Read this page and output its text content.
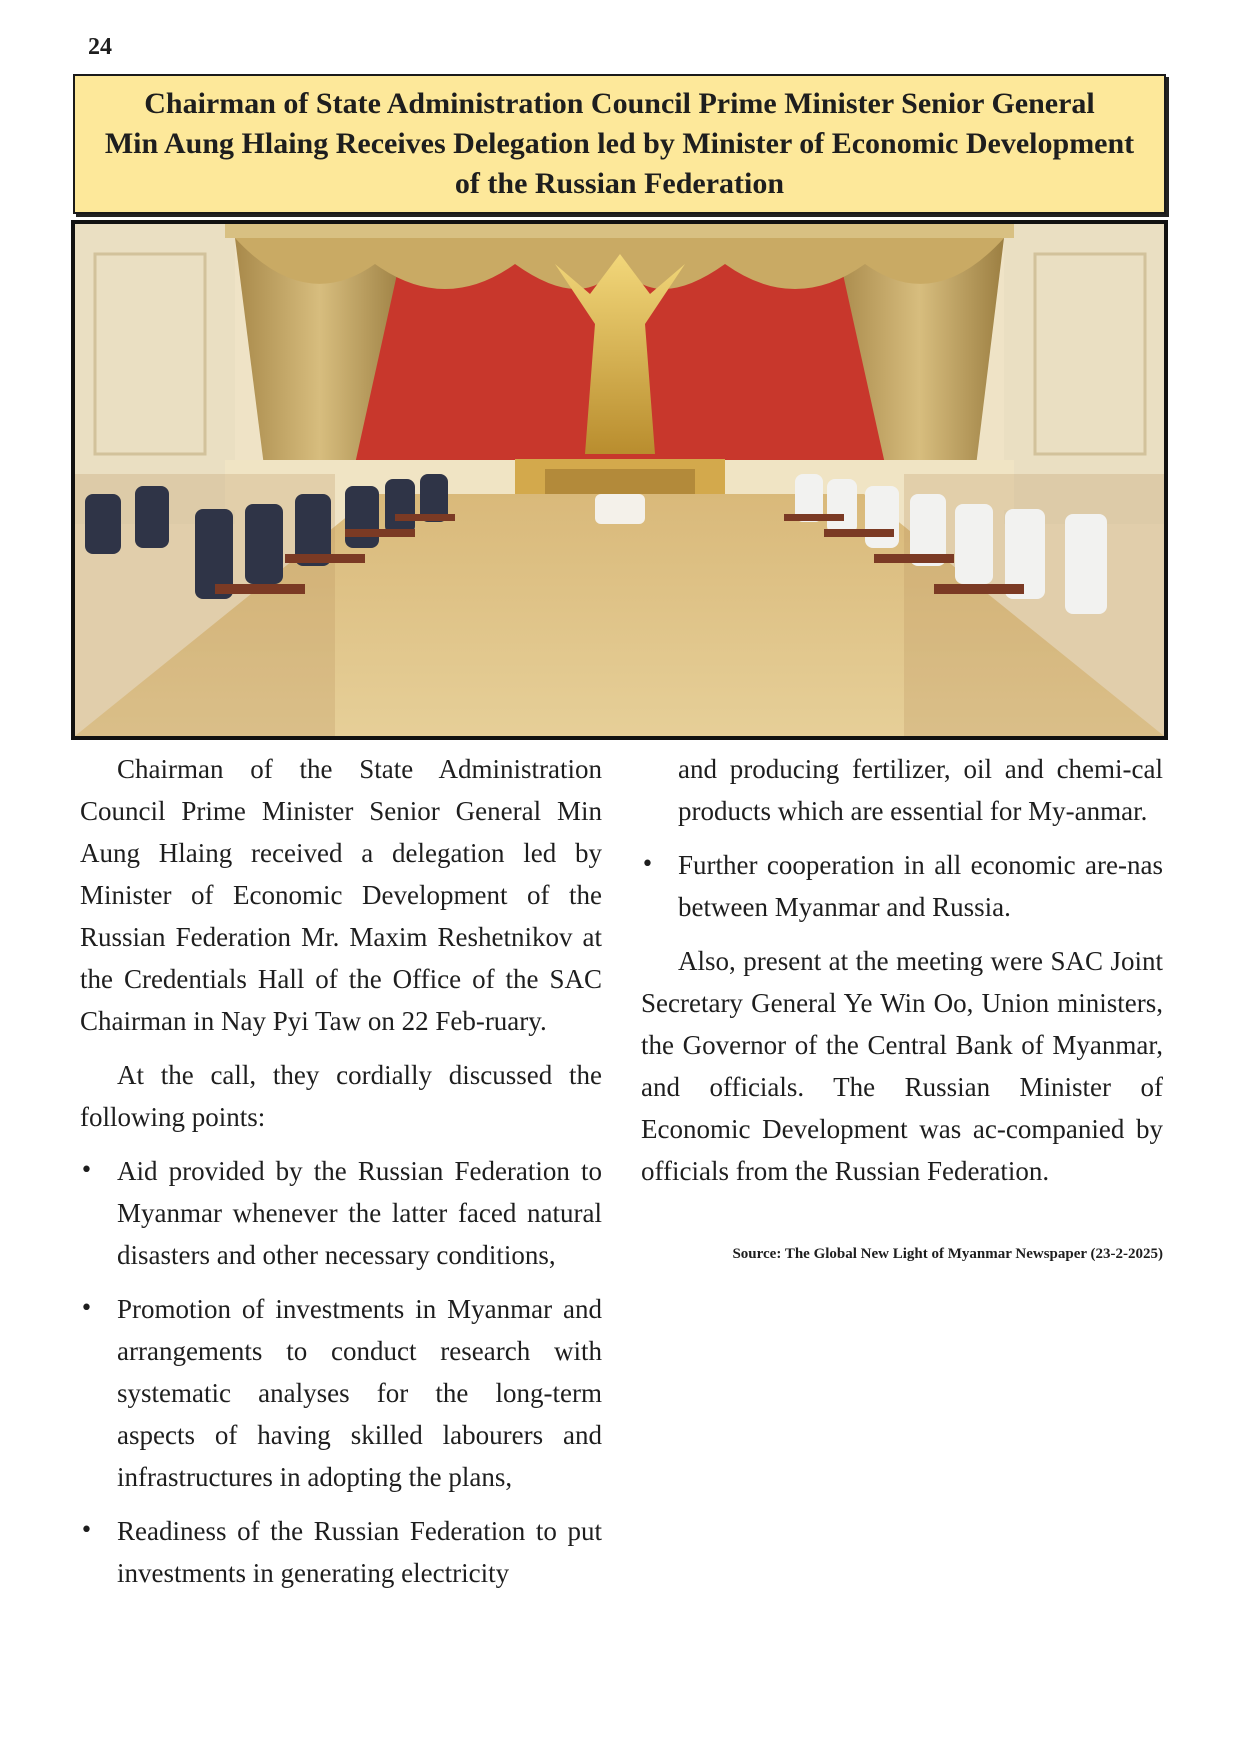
24
Chairman of State Administration Council Prime Minister Senior General
Min Aung Hlaing Receives Delegation led by Minister of Economic Development
of the Russian Federation

Chairman of the State Administration Council Prime Minister Senior General Min Aung Hlaing received a delegation led by Minister of Economic Development of the Russian Federation Mr. Maxim Reshetnikov at the Credentials Hall of the Office of the SAC Chairman in Nay Pyi Taw on 22 Feb-ruary.

At the call, they cordially discussed the following points:

• Aid provided by the Russian Federation to Myanmar whenever the latter faced natural disasters and other necessary conditions,
• Promotion of investments in Myanmar and arrangements to conduct research with systematic analyses for the long-term aspects of having skilled labourers and infrastructures in adopting the plans,
• Readiness of the Russian Federation to put investments in generating electricity

and producing fertilizer, oil and chemi-cal products which are essential for My-anmar.

• Further cooperation in all economic are-nas between Myanmar and Russia.

Also, present at the meeting were SAC Joint Secretary General Ye Win Oo, Union ministers, the Governor of the Central Bank of Myanmar, and officials. The Russian Minister of Economic Development was ac-companied by officials from the Russian Federation.

Source: The Global New Light of Myanmar Newspaper (23-2-2025)
